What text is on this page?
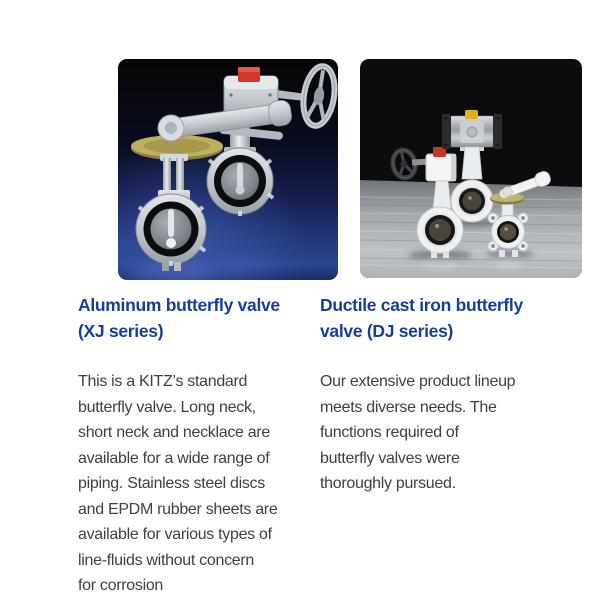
Aluminum butterfly valve
(XJ series)
This is a KITZ’s standard
butterfly valve. Long neck,
short neck and necklace are
available for a wide range of
piping. Stainless steel discs
and EPDM rubber sheets are
available for various types of
line-fluids without concern
for corrosion
Ductile cast iron butterfly
valve (DJ series)
Our extensive product lineup
meets diverse needs. The
functions required of
butterfly valves were
thoroughly pursued.
